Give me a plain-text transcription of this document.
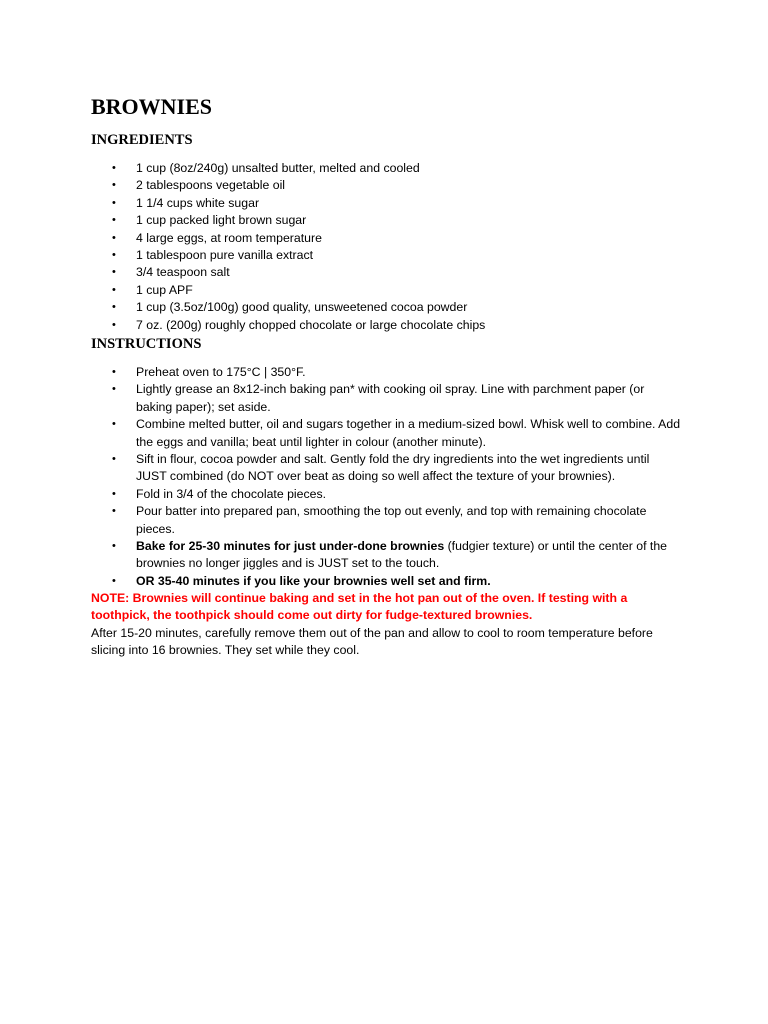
BROWNIES
INGREDIENTS
• 1 cup (8oz/240g) unsalted butter, melted and cooled
• 2 tablespoons vegetable oil
• 1 1/4 cups white sugar
• 1 cup packed light brown sugar
• 4 large eggs, at room temperature
• 1 tablespoon pure vanilla extract
• 3/4 teaspoon salt
• 1 cup APF
• 1 cup (3.5oz/100g) good quality, unsweetened cocoa powder
• 7 oz. (200g) roughly chopped chocolate or large chocolate chips
INSTRUCTIONS
• Preheat oven to 175°C | 350°F.
• Lightly grease an 8x12-inch baking pan* with cooking oil spray. Line with parchment paper (or baking paper); set aside.
• Combine melted butter, oil and sugars together in a medium-sized bowl. Whisk well to combine. Add the eggs and vanilla; beat until lighter in colour (another minute).
• Sift in flour, cocoa powder and salt. Gently fold the dry ingredients into the wet ingredients until JUST combined (do NOT over beat as doing so well affect the texture of your brownies).
• Fold in 3/4 of the chocolate pieces.
• Pour batter into prepared pan, smoothing the top out evenly, and top with remaining chocolate pieces.
• Bake for 25-30 minutes for just under-done brownies (fudgier texture) or until the center of the brownies no longer jiggles and is JUST set to the touch.
• OR 35-40 minutes if you like your brownies well set and firm.

NOTE: Brownies will continue baking and set in the hot pan out of the oven. If testing with a toothpick, the toothpick should come out dirty for fudge-textured brownies.

After 15-20 minutes, carefully remove them out of the pan and allow to cool to room temperature before slicing into 16 brownies. They set while they cool.
